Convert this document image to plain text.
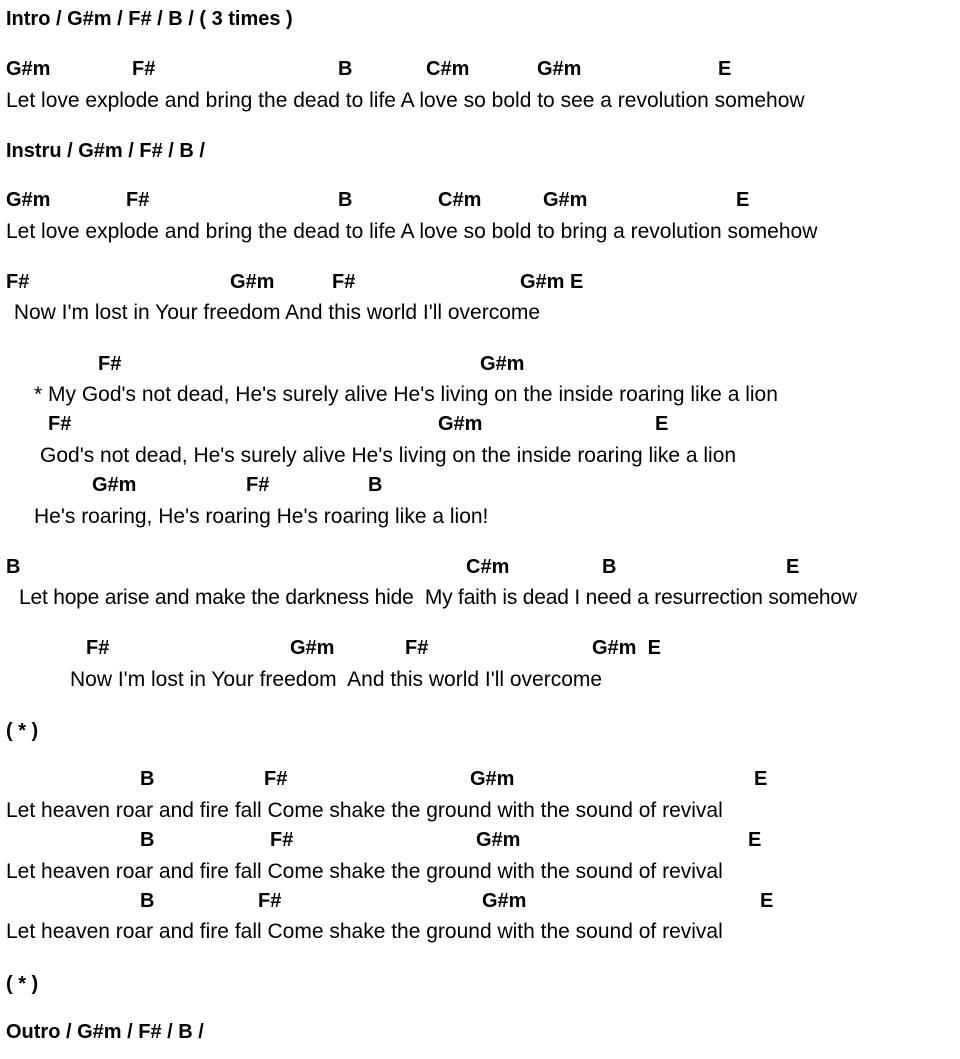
Intro / G#m / F# / B / ( 3 times )
G#m	F#	B	C#m	G#m	E
Let love explode and bring the dead to life A love so bold to see a revolution somehow
Instru / G#m / F# / B /
G#m	F#	B	C#m	G#m	E
Let love explode and bring the dead to life A love so bold to bring a revolution somehow
F#	G#m	F#	G#m E
Now I'm lost in Your freedom And this world I'll overcome
F#	G#m
* My God's not dead, He's surely alive He's living on the inside roaring like a lion
F#	G#m	E
God's not dead, He's surely alive He's living on the inside roaring like a lion
G#m	F#	B
He's roaring, He's roaring He's roaring like a lion!
B	C#m	B	E
Let hope arise and make the darkness hide  My faith is dead I need a resurrection somehow
F#	G#m	F#	G#m  E
Now I'm lost in Your freedom  And this world I'll overcome
( * )
B	F#	G#m	E
Let heaven roar and fire fall Come shake the ground with the sound of revival
B	F#	G#m	E
Let heaven roar and fire fall Come shake the ground with the sound of revival
B	F#	G#m	E
Let heaven roar and fire fall Come shake the ground with the sound of revival
( * )
Outro / G#m / F# / B /
